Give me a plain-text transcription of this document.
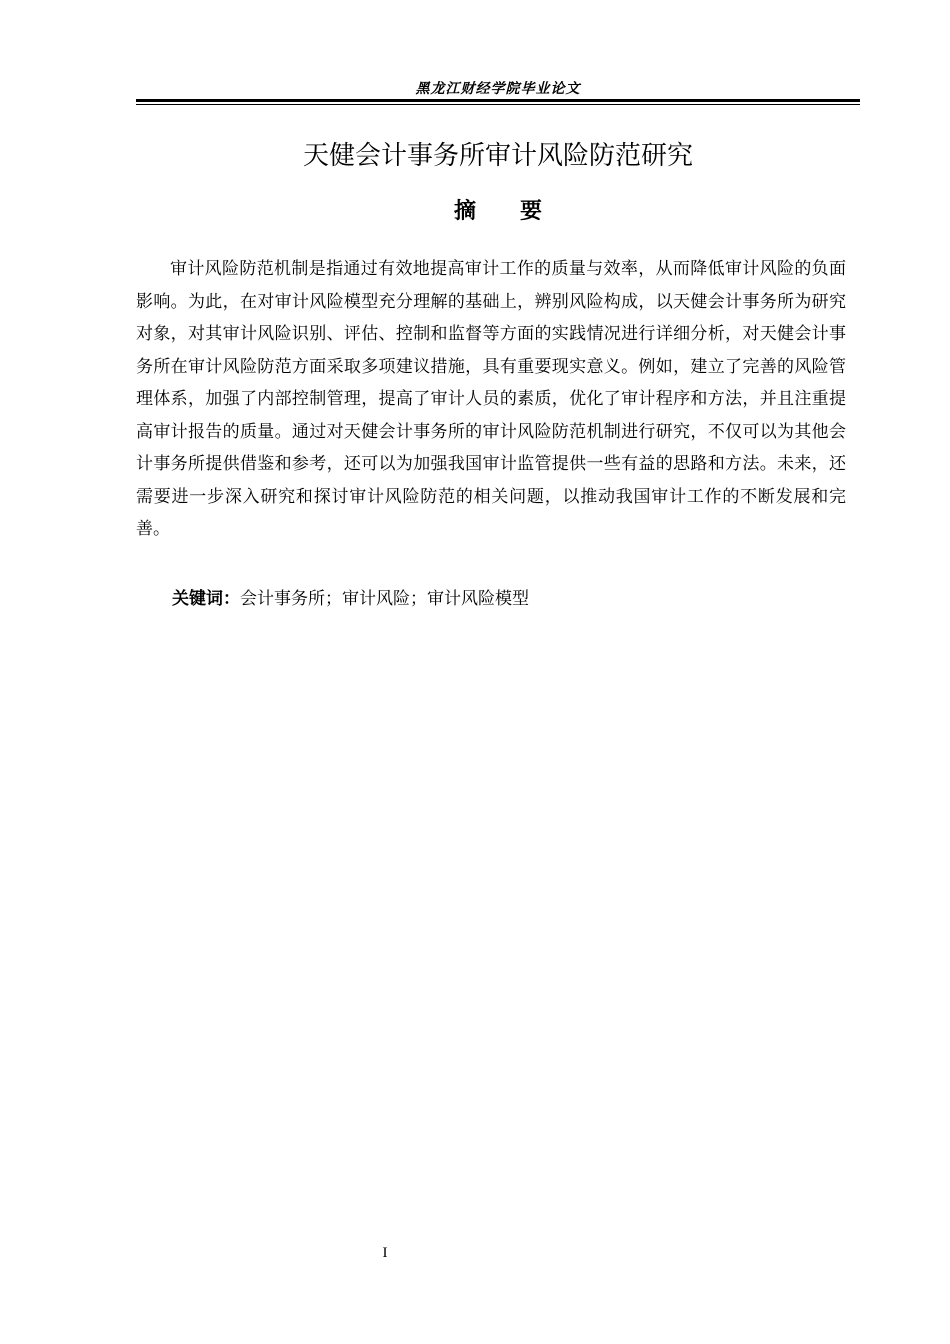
黑龙江财经学院毕业论文
天健会计事务所审计风险防范研究
摘要

审计风险防范机制是指通过有效地提高审计工作的质量与效率，从而降低审计风险的负面影响。为此，在对审计风险模型充分理解的基础上，辨别风险构成，以天健会计事务所为研究对象，对其审计风险识别、评估、控制和监督等方面的实践情况进行详细分析，对天健会计事务所在审计风险防范方面采取多项建议措施，具有重要现实意义。例如，建立了完善的风险管理体系，加强了内部控制管理，提高了审计人员的素质，优化了审计程序和方法，并且注重提高审计报告的质量。通过对天健会计事务所的审计风险防范机制进行研究，不仅可以为其他会计事务所提供借鉴和参考，还可以为加强我国审计监管提供一些有益的思路和方法。未来，还需要进一步深入研究和探讨审计风险防范的相关问题，以推动我国审计工作的不断发展和完善。

关键词：会计事务所；审计风险；审计风险模型
I
